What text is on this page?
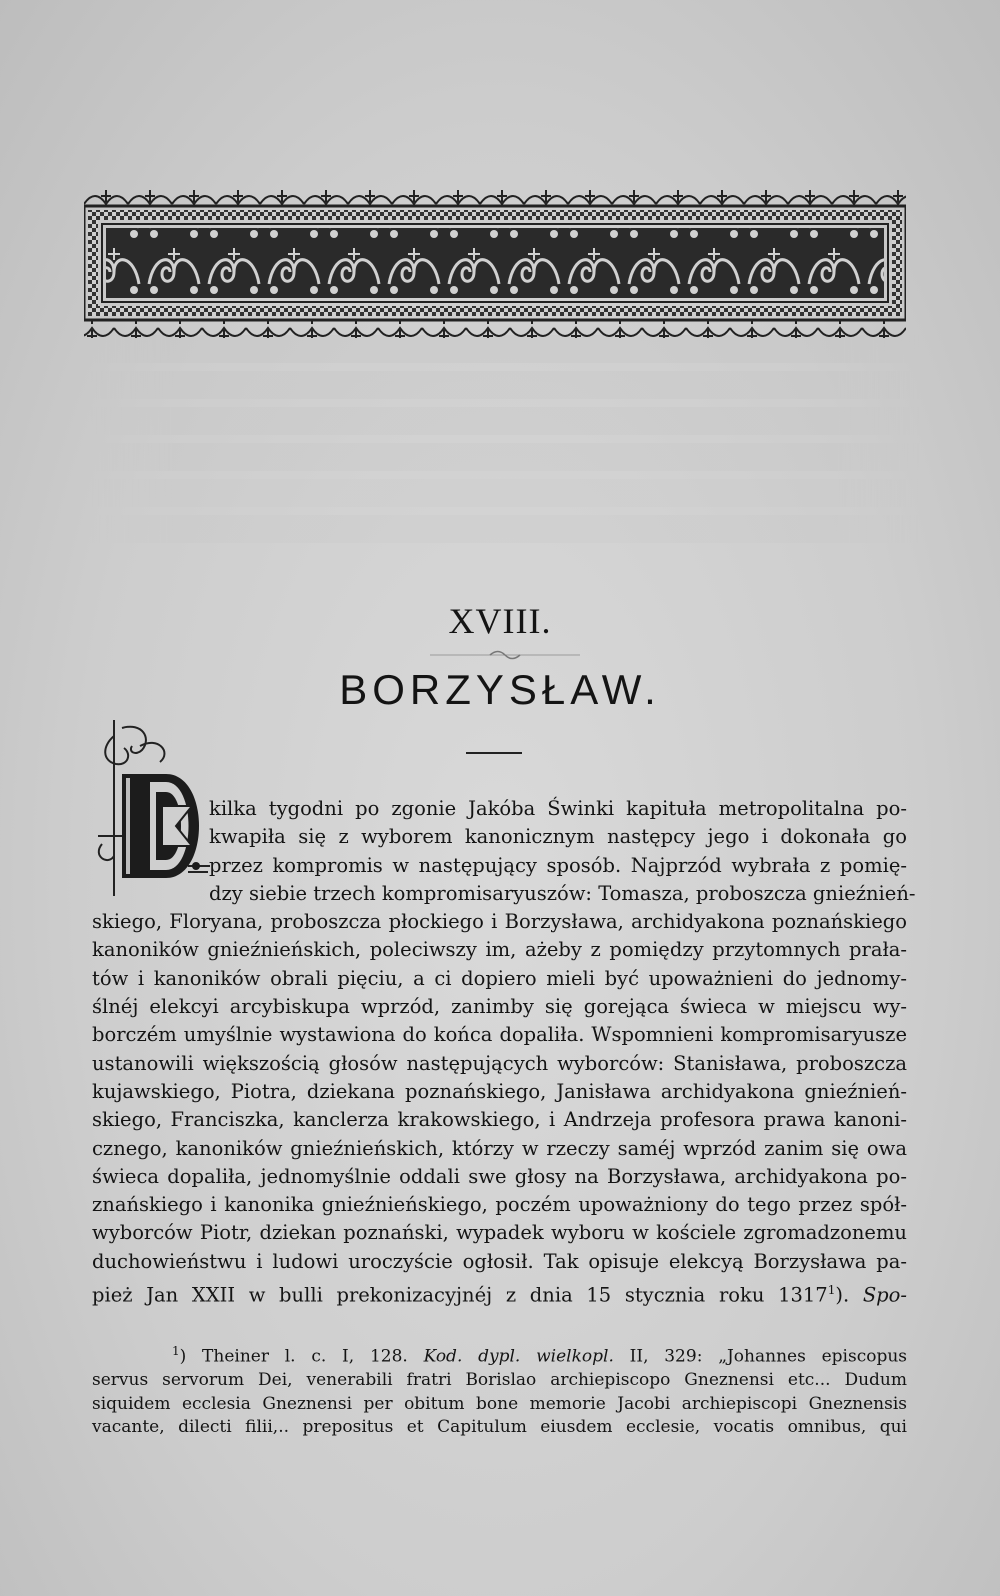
XVIII.
BORZYSŁAW.
kilka tygodni po zgonie Jakóba Świnki kapituła metropolitalna po-
kwapiła się z wyborem kanonicznym następcy jego i dokonała go
przez kompromis w następujący sposób. Najprzód wybrała z pomię-
dzy siebie trzech kompromisaryuszów: Tomasza, proboszcza gnieźnień-
skiego, Floryana, proboszcza płockiego i Borzysława, archidyakona poznańskiego
kanoników gnieźnieńskich, poleciwszy im, ażeby z pomiędzy przytomnych prała-
tów i kanoników obrali pięciu, a ci dopiero mieli być upoważnieni do jednomy-
ślnéj elekcyi arcybiskupa wprzód, zanimby się gorejąca świeca w miejscu wy-
borczém umyślnie wystawiona do końca dopaliła. Wspomnieni kompromisaryusze
ustanowili większością głosów następujących wyborców: Stanisława, proboszcza
kujawskiego, Piotra, dziekana poznańskiego, Janisława archidyakona gnieźnień-
skiego, Franciszka, kanclerza krakowskiego, i Andrzeja profesora prawa kanoni-
cznego, kanoników gnieźnieńskich, którzy w rzeczy saméj wprzód zanim się owa
świeca dopaliła, jednomyślnie oddali swe głosy na Borzysława, archidyakona po-
znańskiego i kanonika gnieźnieńskiego, poczém upoważniony do tego przez spół-
wyborców Piotr, dziekan poznański, wypadek wyboru w kościele zgromadzonemu
duchowieństwu i ludowi uroczyście ogłosił. Tak opisuje elekcyą Borzysława pa-
pież Jan XXII w bulli prekonizacyjnéj z dnia 15 stycznia roku 1317$^1$). Spo-
$^1$) Theiner l. c. I, 128. Kod. dypl. wielkopl. II, 329: „Johannes episcopus
servus servorum Dei, venerabili fratri Borislao archiepiscopo Gneznensi etc... Dudum
siquidem ecclesia Gneznensi per obitum bone memorie Jacobi archiepiscopi Gneznensis
vacante, dilecti filii,.. prepositus et Capitulum eiusdem ecclesie, vocatis omnibus, qui
